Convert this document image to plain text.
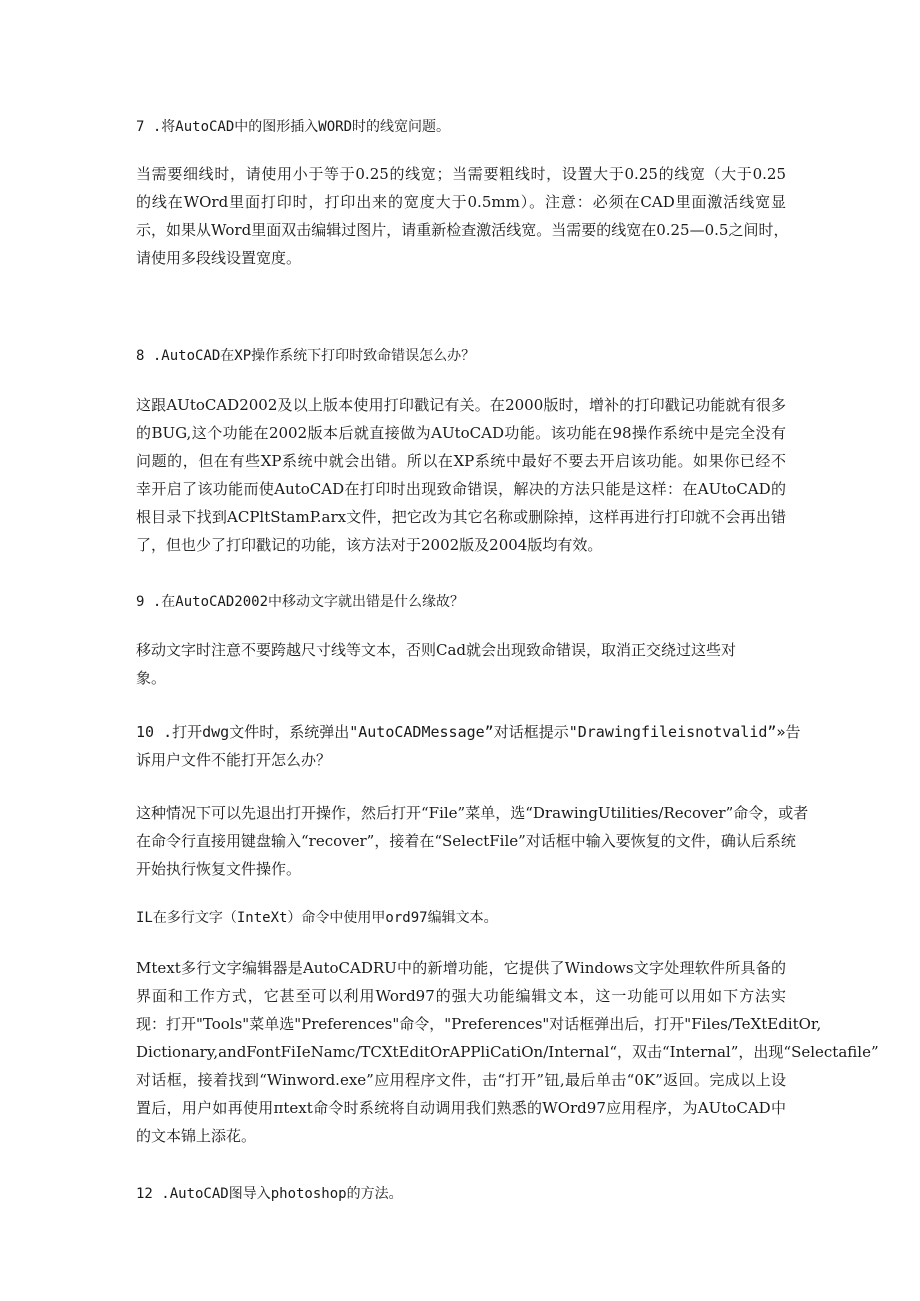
7 .将AutoCAD中的图形插入WORD时的线宽问题。
当需要细线时，请使用小于等于0.25的线宽；当需要粗线时，设置大于0.25的线宽（大于0.25
的线在WOrd里面打印时，打印出来的宽度大于0.5mm）。注意：必须在CAD里面激活线宽显
示，如果从Word里面双击编辑过图片，请重新检查激活线宽。当需要的线宽在0.25—0.5之间时，
请使用多段线设置宽度。
8 .AutoCAD在XP操作系统下打印时致命错误怎么办？
这跟AUtoCAD2002及以上版本使用打印戳记有关。在2000版时，增补的打印戳记功能就有很多
的BUG,这个功能在2002版本后就直接做为AUtoCAD功能。该功能在98操作系统中是完全没有
问题的，但在有些XP系统中就会出错。所以在XP系统中最好不要去开启该功能。如果你已经不
幸开启了该功能而使AutoCAD在打印时出现致命错误，解决的方法只能是这样：在AUtoCAD的
根目录下找到ACPltStamP.arx文件，把它改为其它名称或删除掉，这样再进行打印就不会再出错
了，但也少了打印戳记的功能，该方法对于2002版及2004版均有效。
9 .在AutoCAD2002中移动文字就出错是什么缘故？
移动文字时注意不要跨越尺寸线等文本，否则Cad就会出现致命错误，取消正交绕过这些对
象。
10 .打开dwg文件时，系统弹出"AutoCADMessage”对话框提示"Drawingfileisnotvalid”»告
诉用户文件不能打开怎么办？
这种情况下可以先退出打开操作，然后打开“File”菜单，选“DrawingUtilities/Recover”命令，或者
在命令行直接用键盘输入“recover”，接着在“SelectFile”对话框中输入要恢复的文件，确认后系统
开始执行恢复文件操作。
IL在多行文字（InteXt）命令中使用甲ord97编辑文本。
Mtext多行文字编辑器是AutoCADRU中的新增功能，它提供了Windows文字处理软件所具备的
界面和工作方式，它甚至可以利用Word97的强大功能编辑文本，这一功能可以用如下方法实
现：打开"Tools"菜单选"Preferences"命令，"Preferences"对话框弹出后，打开"Files/TeXtEditOr,
Dictionary,andFontFiIeNamc/TCXtEditOrAPPliCatiOn/Internal“，双击“Internal”，出现“Selectafile”
对话框，接着找到“Winword.exe”应用程序文件，击“打开”钮,最后单击“0K”返回。完成以上设
置后，用户如再使用πtext命令时系统将自动调用我们熟悉的WOrd97应用程序，为AUtoCAD中
的文本锦上添花。
12 .AutoCAD图导入photoshop的方法。
